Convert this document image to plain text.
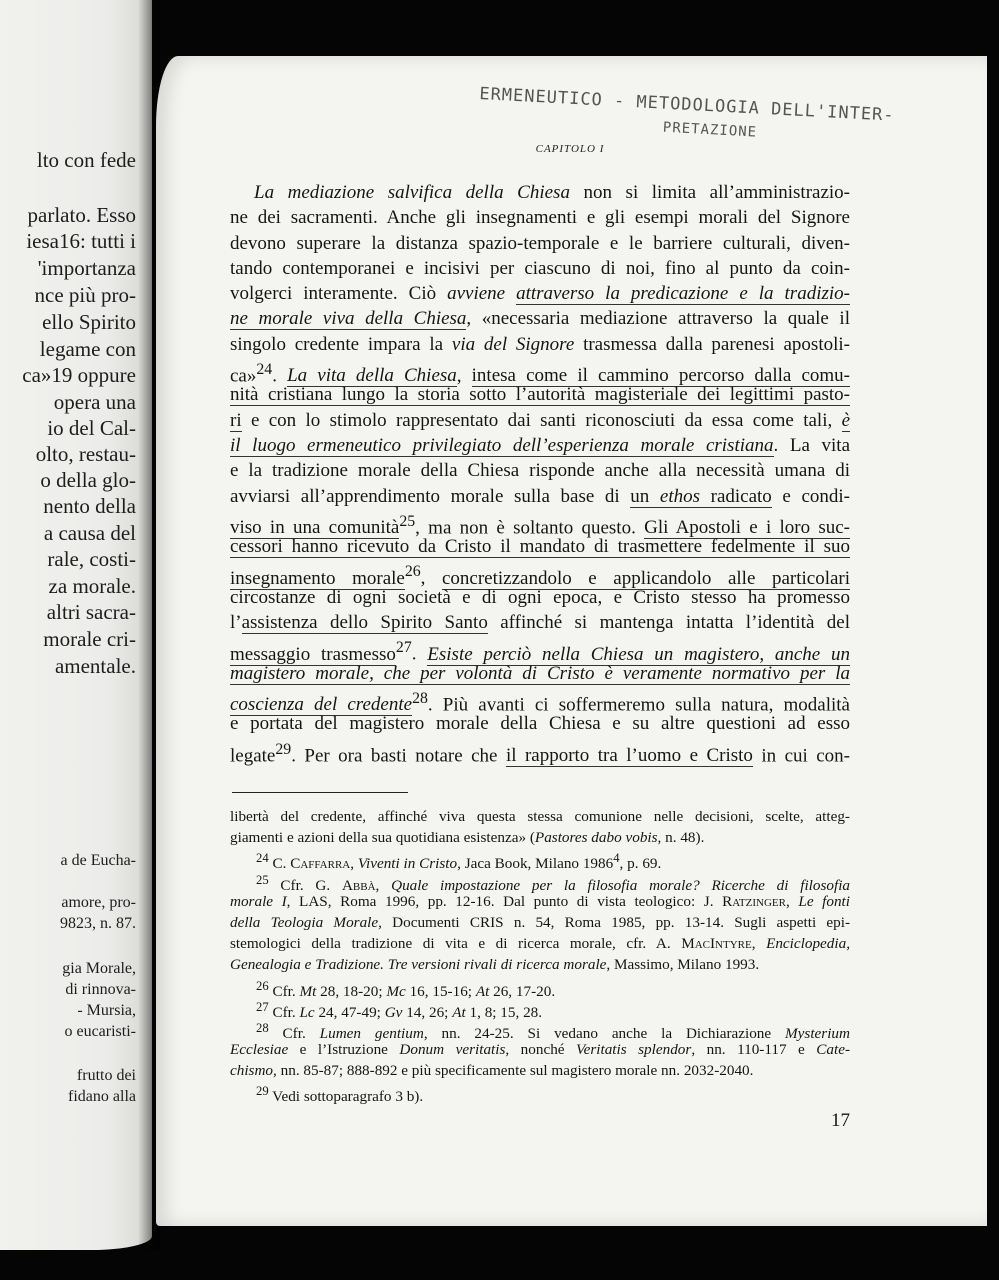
lto con fede
parlato. Esso
iesa16: tutti i
'importanza
nce più pro-
ello Spirito
legame con
ca»19 oppure
opera una
io del Cal-
olto, restau-
o della glo-
nento della
a causa del
rale, costi-
za morale.
altri sacra-
morale cri-
amentale.
a de Eucha-
amore, pro-
9823, n. 87.
gia Morale,
di rinnova-
- Mursia,
o eucaristi-
frutto dei
fidano alla
ERMENEUTICO - METODOLOGIA DELL'INTER-
PRETAZIONE
CAPITOLO I
La mediazione salvifica della Chiesa non si limita all’amministrazio-
ne dei sacramenti. Anche gli insegnamenti e gli esempi morali del Signore
devono superare la distanza spazio-temporale e le barriere culturali, diven-
tando contemporanei e incisivi per ciascuno di noi, fino al punto da coin-
volgerci interamente. Ciò avviene attraverso la predicazione e la tradizio-
ne morale viva della Chiesa, «necessaria mediazione attraverso la quale il
singolo credente impara la via del Signore trasmessa dalla parenesi apostoli-
ca»$^{24}$. La vita della Chiesa, intesa come il cammino percorso dalla comu-
nità cristiana lungo la storia sotto l’autorità magisteriale dei legittimi pasto-
ri e con lo stimolo rappresentato dai santi riconosciuti da essa come tali, è
il luogo ermeneutico privilegiato dell’esperienza morale cristiana. La vita
e la tradizione morale della Chiesa risponde anche alla necessità umana di
avviarsi all’apprendimento morale sulla base di un ethos radicato e condi-
viso in una comunità$^{25}$, ma non è soltanto questo. Gli Apostoli e i loro suc-
cessori hanno ricevuto da Cristo il mandato di trasmettere fedelmente il suo
insegnamento morale$^{26}$, concretizzandolo e applicandolo alle particolari
circostanze di ogni società e di ogni epoca, e Cristo stesso ha promesso
l’assistenza dello Spirito Santo affinché si mantenga intatta l’identità del
messaggio trasmesso$^{27}$. Esiste perciò nella Chiesa un magistero, anche un
magistero morale, che per volontà di Cristo è veramente normativo per la
coscienza del credente$^{28}$. Più avanti ci soffermeremo sulla natura, modalità
e portata del magistero morale della Chiesa e su altre questioni ad esso
legate$^{29}$. Per ora basti notare che il rapporto tra l’uomo e Cristo in cui con-
libertà del credente, affinché viva questa stessa comunione nelle decisioni, scelte, atteg-
giamenti e azioni della sua quotidiana esistenza» (Pastores dabo vobis, n. 48).
$^{24}$ C. Caffarra, Viventi in Cristo, Jaca Book, Milano 1986$^4$, p. 69.
$^{25}$ Cfr. G. Abbà, Quale impostazione per la filosofia morale? Ricerche di filosofia
morale I, LAS, Roma 1996, pp. 12-16. Dal punto di vista teologico: J. Ratzinger, Le fonti
della Teologia Morale, Documenti CRIS n. 54, Roma 1985, pp. 13-14. Sugli aspetti epi-
stemologici della tradizione di vita e di ricerca morale, cfr. A. MacIntyre, Enciclopedia,
Genealogia e Tradizione. Tre versioni rivali di ricerca morale, Massimo, Milano 1993.
$^{26}$ Cfr. Mt 28, 18-20; Mc 16, 15-16; At 26, 17-20.
$^{27}$ Cfr. Lc 24, 47-49; Gv 14, 26; At 1, 8; 15, 28.
$^{28}$ Cfr. Lumen gentium, nn. 24-25. Si vedano anche la Dichiarazione Mysterium
Ecclesiae e l’Istruzione Donum veritatis, nonché Veritatis splendor, nn. 110-117 e Cate-
chismo, nn. 85-87; 888-892 e più specificamente sul magistero morale nn. 2032-2040.
$^{29}$ Vedi sottoparagrafo 3 b).
17
